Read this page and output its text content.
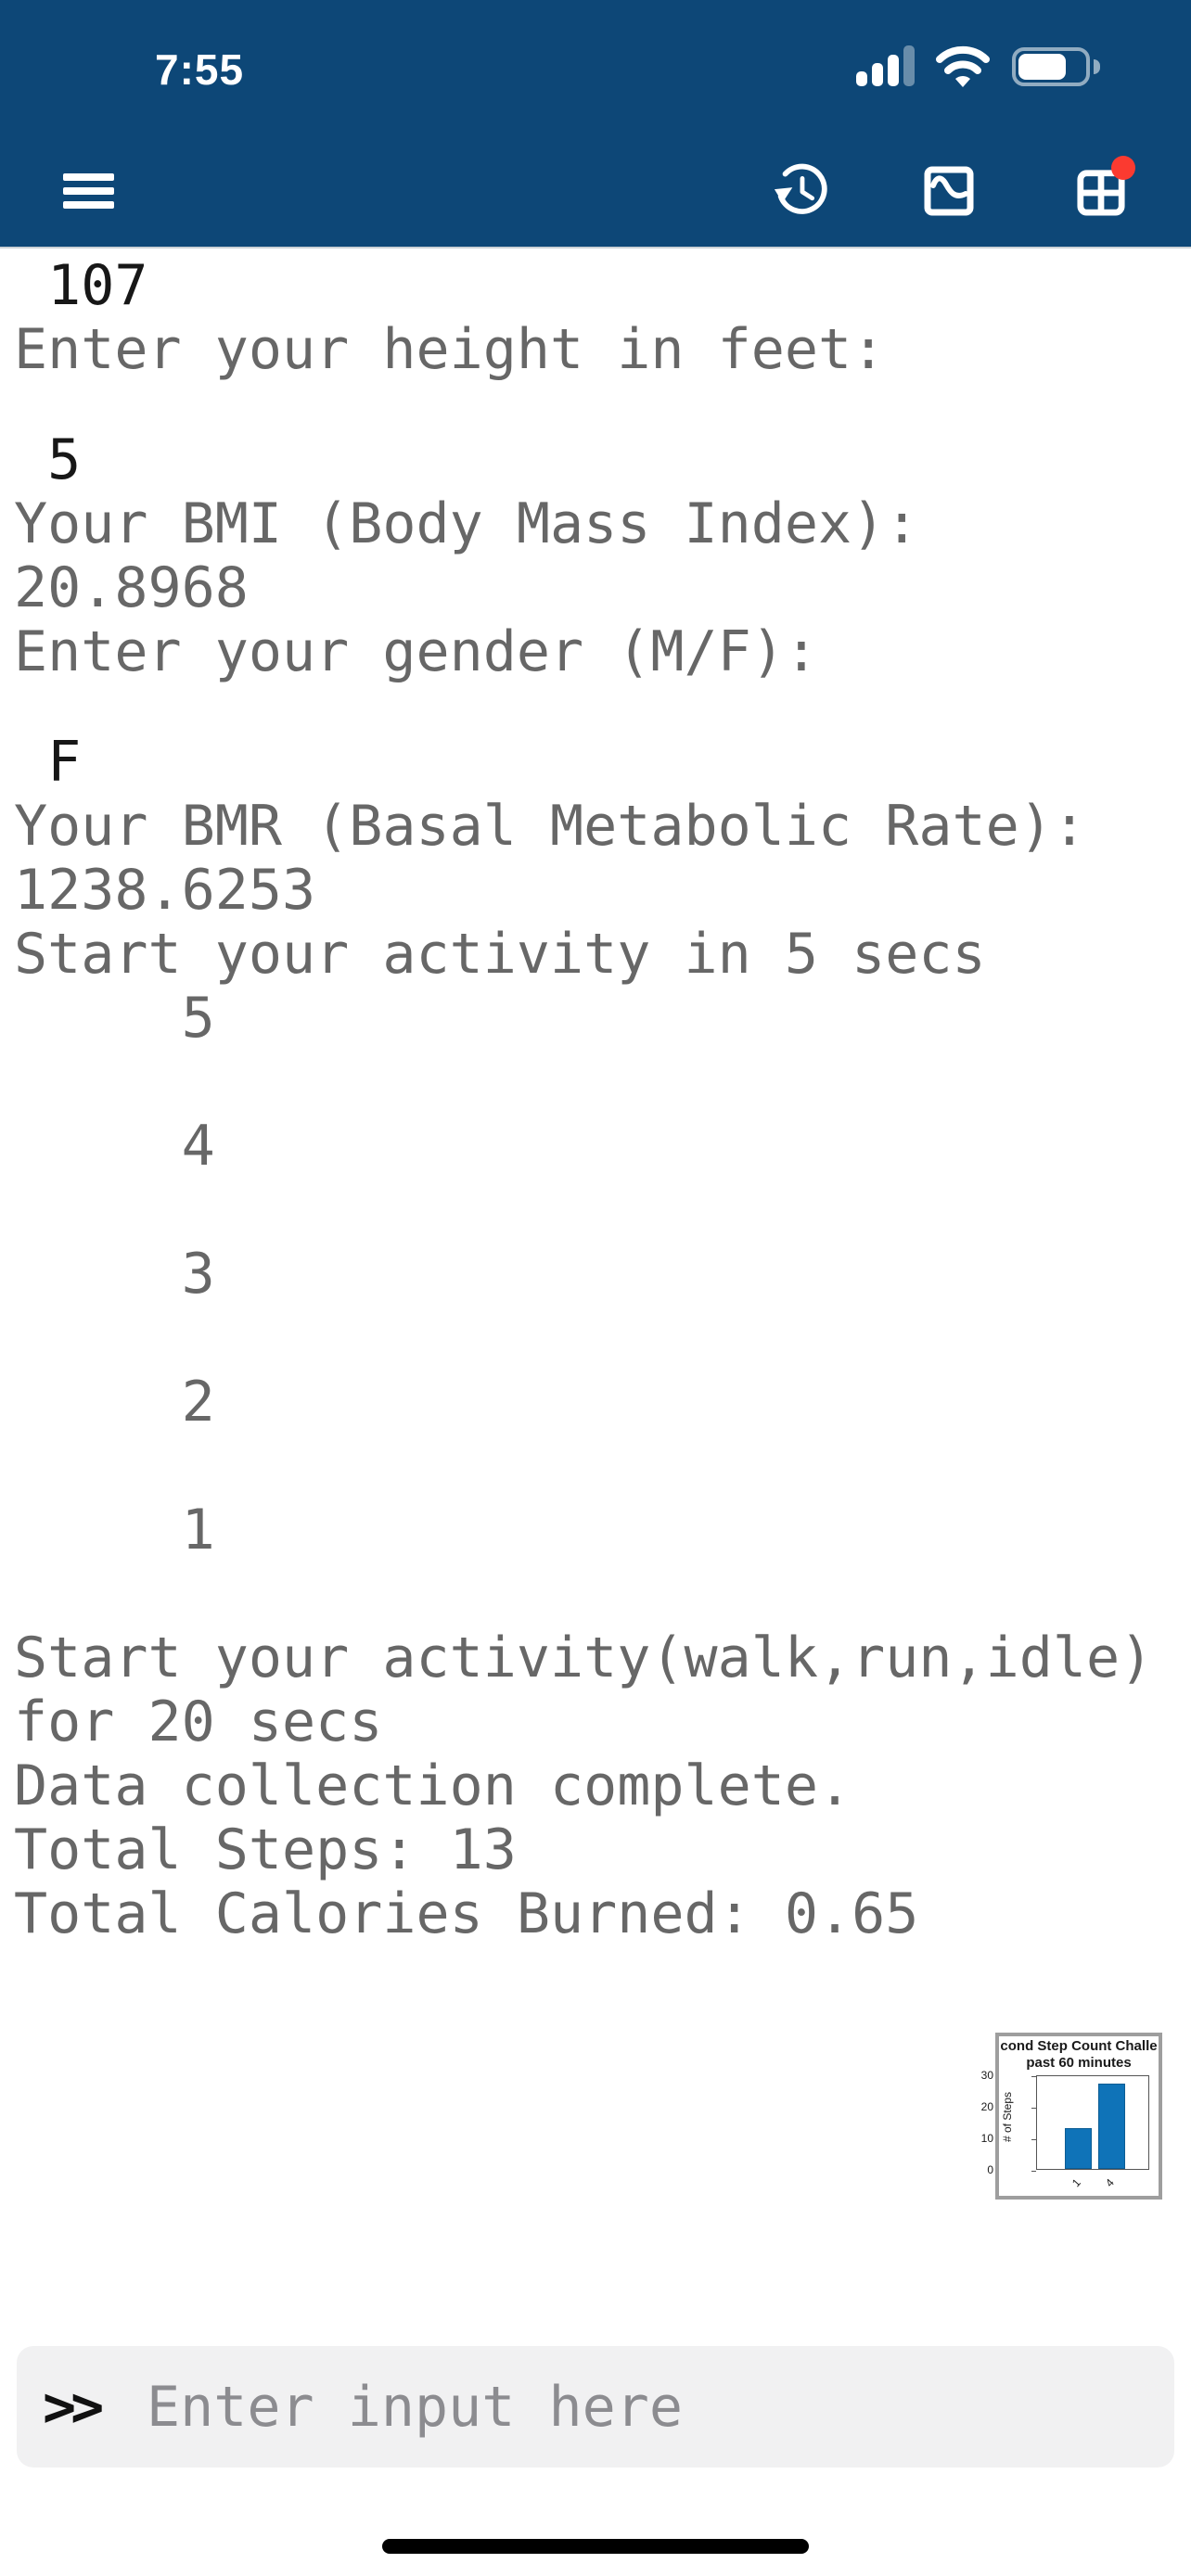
7:55
107
Enter your height in feet:
5
Your BMI (Body Mass Index):
20.8968
Enter your gender (M/F):
F
Your BMR (Basal Metabolic Rate):
1238.6253
Start your activity in 5 secs
5
4
3
2
1
Start your activity(walk,run,idle)
for 20 secs
Data collection complete.
Total Steps: 13
Total Calories Burned: 0.65
cond Step Count Challe
past 60 minutes
# of Steps
1 4
30
20
10
0
>> Enter input here
